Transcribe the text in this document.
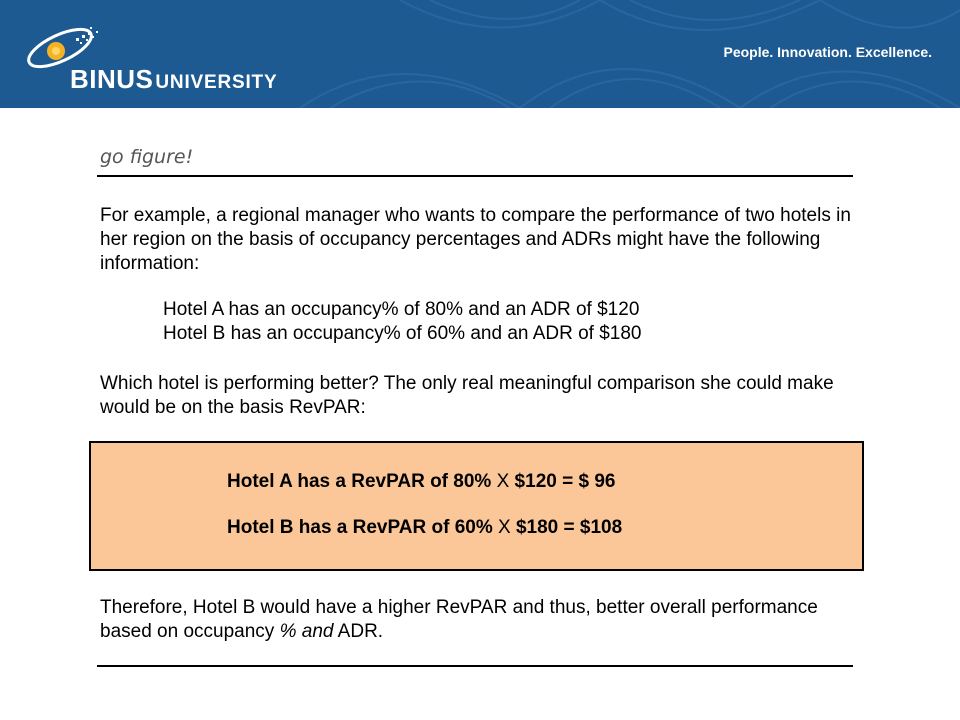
BINUS UNIVERSITY
People. Innovation. Excellence.
go figure!
For example, a regional manager who wants to compare the performance of two hotels in her region on the basis of occupancy percentages and ADRs might have the following information:
Hotel A has an occupancy% of 80% and an ADR of $120
Hotel B has an occupancy% of 60% and an ADR of $180
Which hotel is performing better? The only real meaningful comparison she could make would be on the basis RevPAR:
Hotel A has a RevPAR of 80% X $120 = $ 96
Hotel B has a RevPAR of 60% X $180 = $108
Therefore, Hotel B would have a higher RevPAR and thus, better overall performance based on occupancy % and ADR.
